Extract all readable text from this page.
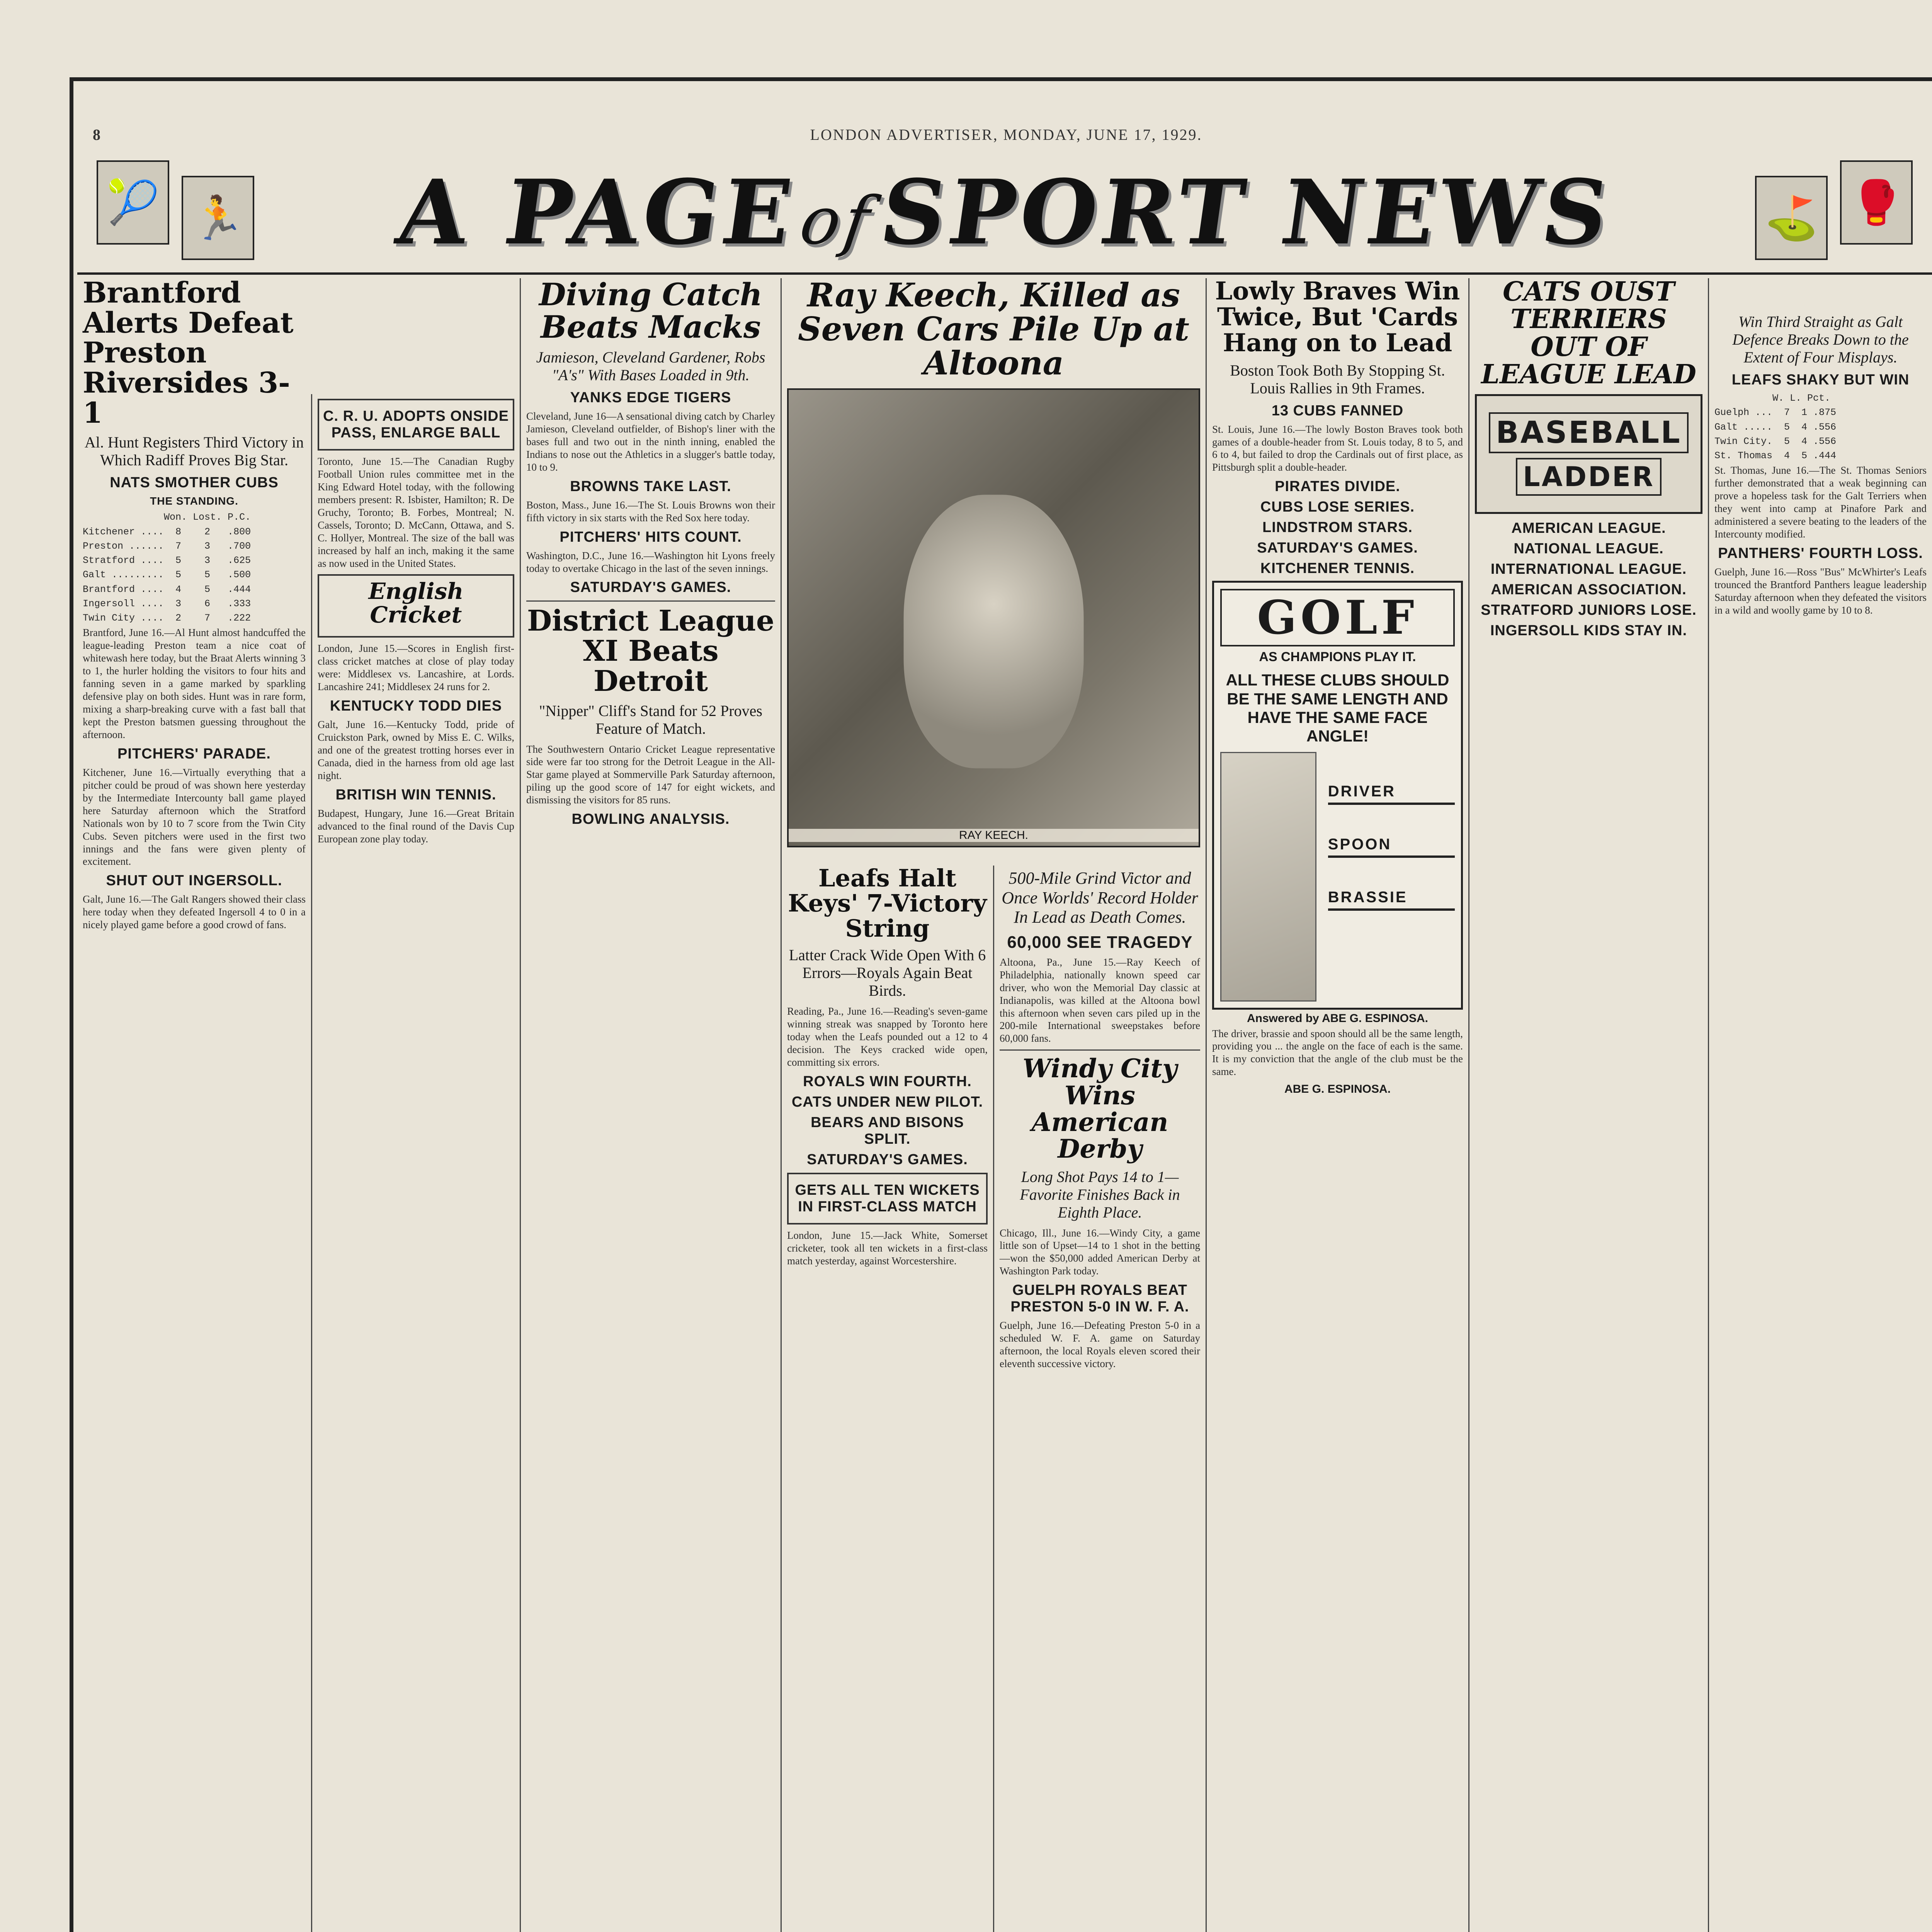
8	LONDON ADVERTISER, MONDAY, JUNE 17, 1929.
🎾 🏃 A PAGEofSPORT NEWS	⛳ 🥊
Brantford Alerts Defeat Preston Riversides 3-1
Al. Hunt Registers Third Victory in Which Radiff Proves Big Star.
NATS SMOTHER CUBS
THE STANDING.
Won. Lost. P.C.
Kitchener ....  8    2   .800
Preston ......  7    3   .700
Stratford ....  5    3   .625
Galt .........  5    5   .500
Brantford ....  4    5   .444
Ingersoll ....  3    6   .333
Twin City ....  2    7   .222

Brantford, June 16.—Al Hunt almost handcuffed the league-leading Preston team a nice coat of whitewash here today, but the Braat Alerts winning 3 to 1, the hurler holding the visitors to four hits and fanning seven in a game marked by sparkling defensive play on both sides. Hunt was in rare form, mixing a sharp-breaking curve with a fast ball that kept the Preston batsmen guessing throughout the afternoon.

PITCHERS' PARADE.

Kitchener, June 16.—Virtually everything that a pitcher could be proud of was shown here yesterday by the Intermediate Intercounty ball game played here Saturday afternoon which the Stratford Nationals won by 10 to 7 score from the Twin City Cubs. Seven pitchers were used in the first two innings and the fans were given plenty of excitement.

SHUT OUT INGERSOLL.

Galt, June 16.—The Galt Rangers showed their class here today when they defeated Ingersoll 4 to 0 in a nicely played game before a good crowd of fans.

C. R. U. ADOPTS ONSIDE PASS, ENLARGE BALL

Toronto, June 15.—The Canadian Rugby Football Union rules committee met in the King Edward Hotel today, with the following members present: R. Isbister, Hamilton; R. De Gruchy, Toronto; B. Forbes, Montreal; N. Cassels, Toronto; D. McCann, Ottawa, and S. C. Hollyer, Montreal. The size of the ball was increased by half an inch, making it the same as now used in the United States.

English Cricket

London, June 15.—Scores in English first-class cricket matches at close of play today were: Middlesex vs. Lancashire, at Lords. Lancashire 241; Middlesex 24 runs for 2.

KENTUCKY TODD DIES

Galt, June 16.—Kentucky Todd, pride of Cruickston Park, owned by Miss E. C. Wilks, and one of the greatest trotting horses ever in Canada, died in the harness from old age last night.

BRITISH WIN TENNIS.

Budapest, Hungary, June 16.—Great Britain advanced to the final round of the Davis Cup European zone play today.

Diving Catch Beats Macks
Jamieson, Cleveland Gardener, Robs "A's" With Bases Loaded in 9th.
YANKS EDGE TIGERS

Cleveland, June 16—A sensational diving catch by Charley Jamieson, Cleveland outfielder, of Bishop's liner with the bases full and two out in the ninth inning, enabled the Indians to nose out the Athletics in a slugger's battle today, 10 to 9.

BROWNS TAKE LAST.

Boston, Mass., June 16.—The St. Louis Browns won their fifth victory in six starts with the Red Sox here today.

PITCHERS' HITS COUNT.

Washington, D.C., June 16.—Washington hit Lyons freely today to overtake Chicago in the last of the seven innings.

SATURDAY'S GAMES.
District League XI Beats Detroit
"Nipper" Cliff's Stand for 52 Proves Feature of Match.

The Southwestern Ontario Cricket League representative side were far too strong for the Detroit League in the All-Star game played at Sommerville Park Saturday afternoon, piling up the good score of 147 for eight wickets, and dismissing the visitors for 85 runs.

BOWLING ANALYSIS.
Ray Keech, Killed as Seven Cars Pile Up at Altoona
RAY KEECH.
Leafs Halt Keys' 7-Victory String
Latter Crack Wide Open With 6 Errors—Royals Again Beat Birds.

Reading, Pa., June 16.—Reading's seven-game winning streak was snapped by Toronto here today when the Leafs pounded out a 12 to 4 decision. The Keys cracked wide open, committing six errors.

ROYALS WIN FOURTH.
CATS UNDER NEW PILOT.
BEARS AND BISONS SPLIT.
SATURDAY'S GAMES.
GETS ALL TEN WICKETS IN FIRST-CLASS MATCH

London, June 15.—Jack White, Somerset cricketer, took all ten wickets in a first-class match yesterday, against Worcestershire.

500-Mile Grind Victor and Once Worlds' Record Holder In Lead as Death Comes.
60,000 SEE TRAGEDY

Altoona, Pa., June 15.—Ray Keech of Philadelphia, nationally known speed car driver, who won the Memorial Day classic at Indianapolis, was killed at the Altoona bowl this afternoon when seven cars piled up in the 200-mile International sweepstakes before 60,000 fans.

Windy City Wins American Derby
Long Shot Pays 14 to 1—Favorite Finishes Back in Eighth Place.

Chicago, Ill., June 16.—Windy City, a game little son of Upset—14 to 1 shot in the betting—won the $50,000 added American Derby at Washington Park today.

GUELPH ROYALS BEAT PRESTON 5-0 IN W. F. A.

Guelph, June 16.—Defeating Preston 5-0 in a scheduled W. F. A. game on Saturday afternoon, the local Royals eleven scored their eleventh successive victory.

Lowly Braves Win Twice, But 'Cards Hang on to Lead
Boston Took Both By Stopping St. Louis Rallies in 9th Frames.
13 CUBS FANNED

St. Louis, June 16.—The lowly Boston Braves took both games of a double-header from St. Louis today, 8 to 5, and 6 to 4, but failed to drop the Cardinals out of first place, as Pittsburgh split a double-header.

PIRATES DIVIDE.
CUBS LOSE SERIES.
LINDSTROM STARS.
SATURDAY'S GAMES.
KITCHENER TENNIS.
GOLF
AS CHAMPIONS PLAY IT.
ALL THESE CLUBS SHOULD BE THE SAME LENGTH AND HAVE THE SAME FACE ANGLE!
DRIVER
SPOON
BRASSIE
Answered by ABE G. ESPINOSA.

The driver, brassie and spoon should all be the same length, providing you ... the angle on the face of each is the same. It is my conviction that the angle of the club must be the same.

ABE G. ESPINOSA.
CATS OUST TERRIERS OUT OF LEAGUE LEAD
BASEBALL
LADDER
AMERICAN LEAGUE.
NATIONAL LEAGUE.
INTERNATIONAL LEAGUE.
AMERICAN ASSOCIATION.
STRATFORD JUNIORS LOSE.
INGERSOLL KIDS STAY IN.
Win Third Straight as Galt Defence Breaks Down to the Extent of Four Misplays.
LEAFS SHAKY BUT WIN
W. L. Pct.
Guelph ...  7  1 .875
Galt .....  5  4 .556
Twin City.  5  4 .556
St. Thomas  4  5 .444

St. Thomas, June 16.—The St. Thomas Seniors further demonstrated that a weak beginning can prove a hopeless task for the Galt Terriers when they went into camp at Pinafore Park and administered a severe beating to the leaders of the Intercounty modified.

PANTHERS' FOURTH LOSS.

Guelph, June 16.—Ross "Bus" McWhirter's Leafs trounced the Brantford Panthers league leadership Saturday afternoon when they defeated the visitors in a wild and woolly game by 10 to 8.
